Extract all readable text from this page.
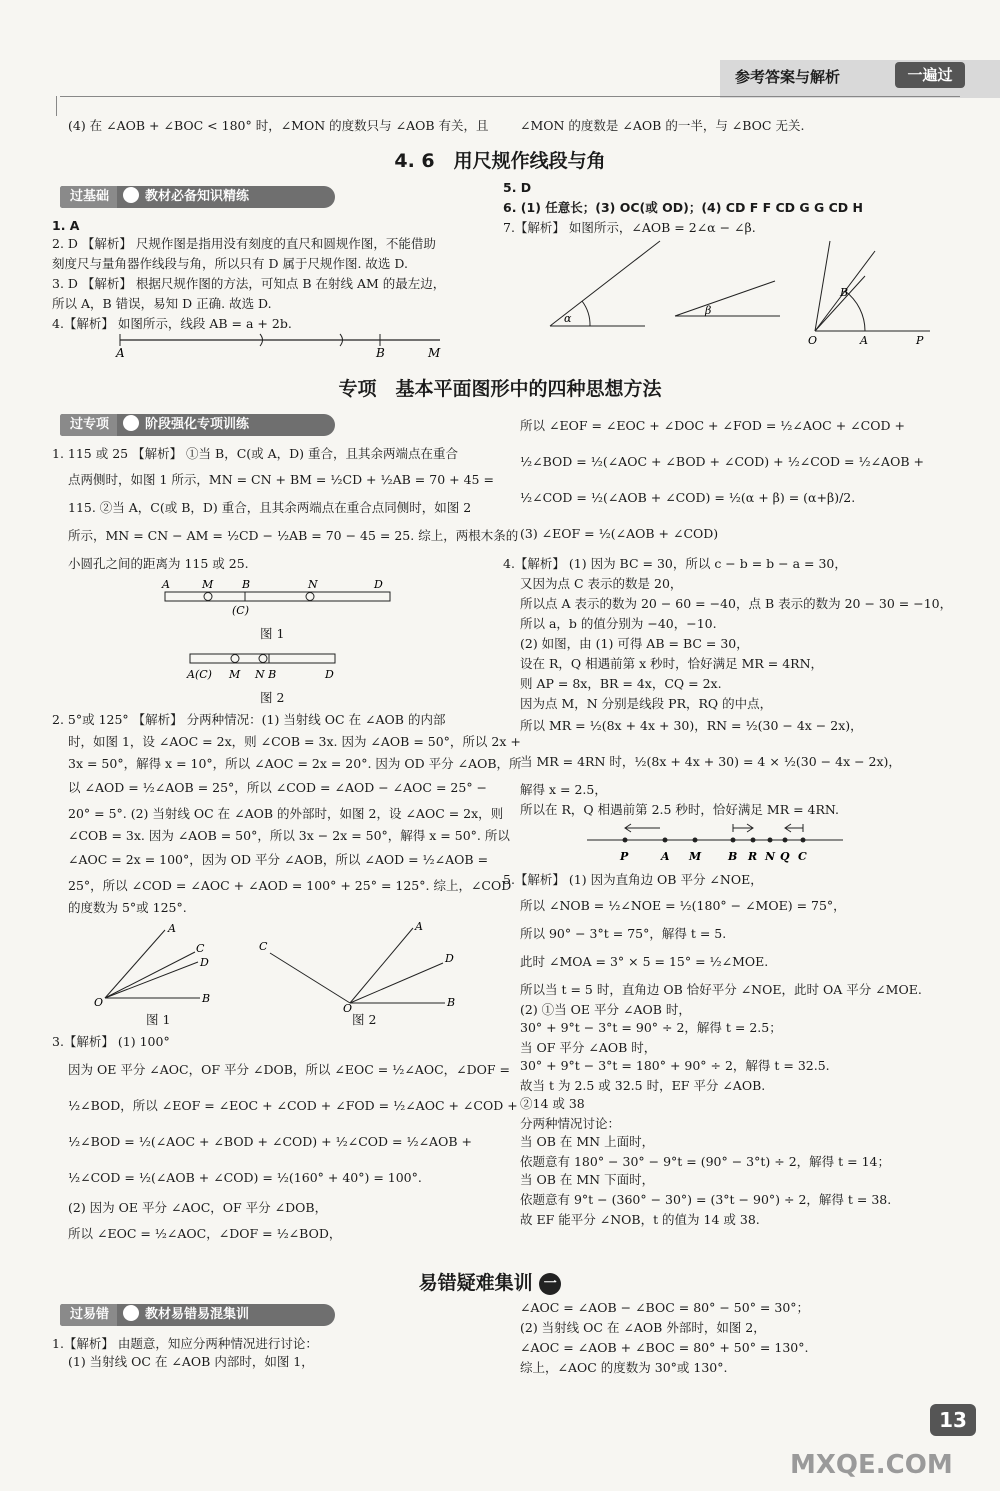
参考答案与解析	一遍过
(4) 在 ∠AOB + ∠BOC < 180° 时，∠MON 的度数只与 ∠AOB 有关，且	∠MON 的度数是 ∠AOB 的一半，与 ∠BOC 无关.
4. 6　用尺规作线段与角
过基础	教材必备知识精练
1. A
2. D 【解析】 尺规作图是指用没有刻度的直尺和圆规作图，不能借助
刻度尺与量角器作线段与角，所以只有 D 属于尺规作图. 故选 D.
3. D 【解析】 根据尺规作图的方法，可知点 B 在射线 AM 的最左边，
所以 A，B 错误，易知 D 正确. 故选 D.
4.【解析】 如图所示，线段 AB = a + 2b.
A	B	M
5. D
6. (1) 任意长；(3) OC(或 OD)；(4) CD F F CD G G CD H
7.【解析】 如图所示，∠AOB = 2∠α − ∠β.
α
β
B
O	A	P
专项　基本平面图形中的四种思想方法
过专项	阶段强化专项训练
1. 115 或 25 【解析】 ①当 B，C(或 A，D) 重合，且其余两端点在重合
点两侧时，如图 1 所示，MN = CN + BM = ½CD + ½AB = 70 + 45 =
115. ②当 A，C(或 B，D) 重合，且其余两端点在重合点同侧时，如图 2
所示，MN = CN − AM = ½CD − ½AB = 70 − 45 = 25. 综上，两根木条的
小圆孔之间的距离为 115 或 25.
A	M	B	N	D
(C)
图 1
A(C) M N B	D
图 2
2. 5°或 125° 【解析】 分两种情况：(1) 当射线 OC 在 ∠AOB 的内部
时，如图 1，设 ∠AOC = 2x，则 ∠COB = 3x. 因为 ∠AOB = 50°，所以 2x +
3x = 50°，解得 x = 10°，所以 ∠AOC = 2x = 20°. 因为 OD 平分 ∠AOB，所
以 ∠AOD = ½∠AOB = 25°，所以 ∠COD = ∠AOD − ∠AOC = 25° −
20° = 5°. (2) 当射线 OC 在 ∠AOB 的外部时，如图 2，设 ∠AOC = 2x，则
∠COB = 3x. 因为 ∠AOB = 50°，所以 3x − 2x = 50°，解得 x = 50°. 所以
∠AOC = 2x = 100°，因为 OD 平分 ∠AOB，所以 ∠AOD = ½∠AOB =
25°，所以 ∠COD = ∠AOC + ∠AOD = 100° + 25° = 125°. 综上，∠COD
的度数为 5°或 125°.
A
C
D
O	B
图 1
C
A
D
O	B
图 2
3.【解析】 (1) 100°
因为 OE 平分 ∠AOC，OF 平分 ∠DOB，所以 ∠EOC = ½∠AOC，∠DOF =
½∠BOD，所以 ∠EOF = ∠EOC + ∠COD + ∠FOD = ½∠AOC + ∠COD +
½∠BOD = ½(∠AOC + ∠BOD + ∠COD) + ½∠COD = ½∠AOB +
½∠COD = ½(∠AOB + ∠COD) = ½(160° + 40°) = 100°.
(2) 因为 OE 平分 ∠AOC，OF 平分 ∠DOB，
所以 ∠EOC = ½∠AOC，∠DOF = ½∠BOD，
所以 ∠EOF = ∠EOC + ∠DOC + ∠FOD = ½∠AOC + ∠COD +
½∠BOD = ½(∠AOC + ∠BOD + ∠COD) + ½∠COD = ½∠AOB +
½∠COD = ½(∠AOB + ∠COD) = ½(α + β) = (α+β)/2.
(3) ∠EOF = ½(∠AOB + ∠COD)
4.【解析】 (1) 因为 BC = 30，所以 c − b = b − a = 30，
又因为点 C 表示的数是 20，
所以点 A 表示的数为 20 − 60 = −40，点 B 表示的数为 20 − 30 = −10，
所以 a，b 的值分别为 −40，−10.
(2) 如图，由 (1) 可得 AB = BC = 30，
设在 R，Q 相遇前第 x 秒时，恰好满足 MR = 4RN，
则 AP = 8x，BR = 4x，CQ = 2x.
因为点 M，N 分别是线段 PR，RQ 的中点，
所以 MR = ½(8x + 4x + 30)，RN = ½(30 − 4x − 2x)，
当 MR = 4RN 时，½(8x + 4x + 30) = 4 × ½(30 − 4x − 2x)，
解得 x = 2.5，
所以在 R，Q 相遇前第 2.5 秒时，恰好满足 MR = 4RN.
P	A M B R N Q C
5.【解析】 (1) 因为直角边 OB 平分 ∠NOE，
所以 ∠NOB = ½∠NOE = ½(180° − ∠MOE) = 75°，
所以 90° − 3°t = 75°，解得 t = 5.
此时 ∠MOA = 3° × 5 = 15° = ½∠MOE.
所以当 t = 5 时，直角边 OB 恰好平分 ∠NOE，此时 OA 平分 ∠MOE.
(2) ①当 OE 平分 ∠AOB 时，
30° + 9°t − 3°t = 90° ÷ 2，解得 t = 2.5；
当 OF 平分 ∠AOB 时，
30° + 9°t − 3°t = 180° + 90° ÷ 2，解得 t = 32.5.
故当 t 为 2.5 或 32.5 时，EF 平分 ∠AOB.
②14 或 38
分两种情况讨论：
当 OB 在 MN 上面时，
依题意有 180° − 30° − 9°t = (90° − 3°t) ÷ 2，解得 t = 14；
当 OB 在 MN 下面时，
依题意有 9°t − (360° − 30°) = (3°t − 90°) ÷ 2，解得 t = 38.
故 EF 能平分 ∠NOB，t 的值为 14 或 38.
易错疑难集训 一
过易错	教材易错易混集训
1.【解析】 由题意，知应分两种情况进行讨论：
(1) 当射线 OC 在 ∠AOB 内部时，如图 1，
∠AOC = ∠AOB − ∠BOC = 80° − 50° = 30°；
(2) 当射线 OC 在 ∠AOB 外部时，如图 2，
∠AOC = ∠AOB + ∠BOC = 80° + 50° = 130°.
综上，∠AOC 的度数为 30°或 130°.
13
MXQE.COM
